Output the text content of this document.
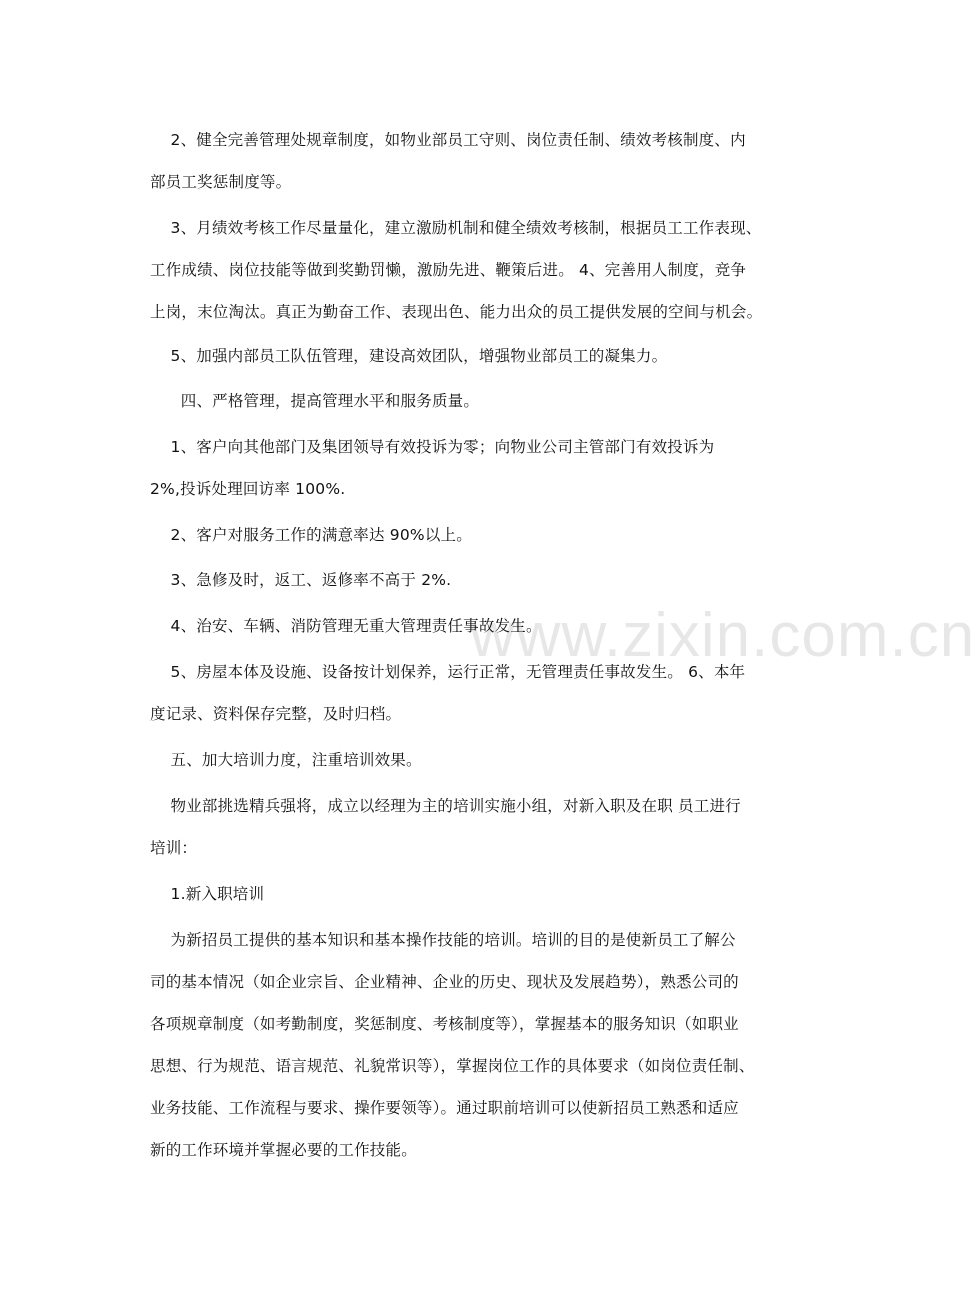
2、健全完善管理处规章制度，如物业部员工守则、岗位责任制、绩效考核制度、内
部员工奖惩制度等。
3、月绩效考核工作尽量量化，建立激励机制和健全绩效考核制，根据员工工作表现、
工作成绩、岗位技能等做到奖勤罚懒，激励先进、鞭策后进。 4、完善用人制度，竞争
上岗，末位淘汰。真正为勤奋工作、表现出色、能力出众的员工提供发展的空间与机会。
5、加强内部员工队伍管理，建设高效团队，增强物业部员工的凝集力。
四、严格管理，提高管理水平和服务质量。
1、客户向其他部门及集团领导有效投诉为零；向物业公司主管部门有效投诉为
2%,投诉处理回访率 100%.
2、客户对服务工作的满意率达 90%以上。
3、急修及时，返工、返修率不高于 2%.
4、治安、车辆、消防管理无重大管理责任事故发生。
5、房屋本体及设施、设备按计划保养，运行正常，无管理责任事故发生。 6、本年
度记录、资料保存完整，及时归档。
五、加大培训力度，注重培训效果。
物业部挑选精兵强将，成立以经理为主的培训实施小组，对新入职及在职 员工进行
培训：
1.新入职培训
为新招员工提供的基本知识和基本操作技能的培训。培训的目的是使新员工了解公
司的基本情况（如企业宗旨、企业精神、企业的历史、现状及发展趋势），熟悉公司的
各项规章制度（如考勤制度，奖惩制度、考核制度等），掌握基本的服务知识（如职业
思想、行为规范、语言规范、礼貌常识等），掌握岗位工作的具体要求（如岗位责任制、
业务技能、工作流程与要求、操作要领等）。通过职前培训可以使新招员工熟悉和适应
新的工作环境并掌握必要的工作技能。
www.zixin.com.cn
